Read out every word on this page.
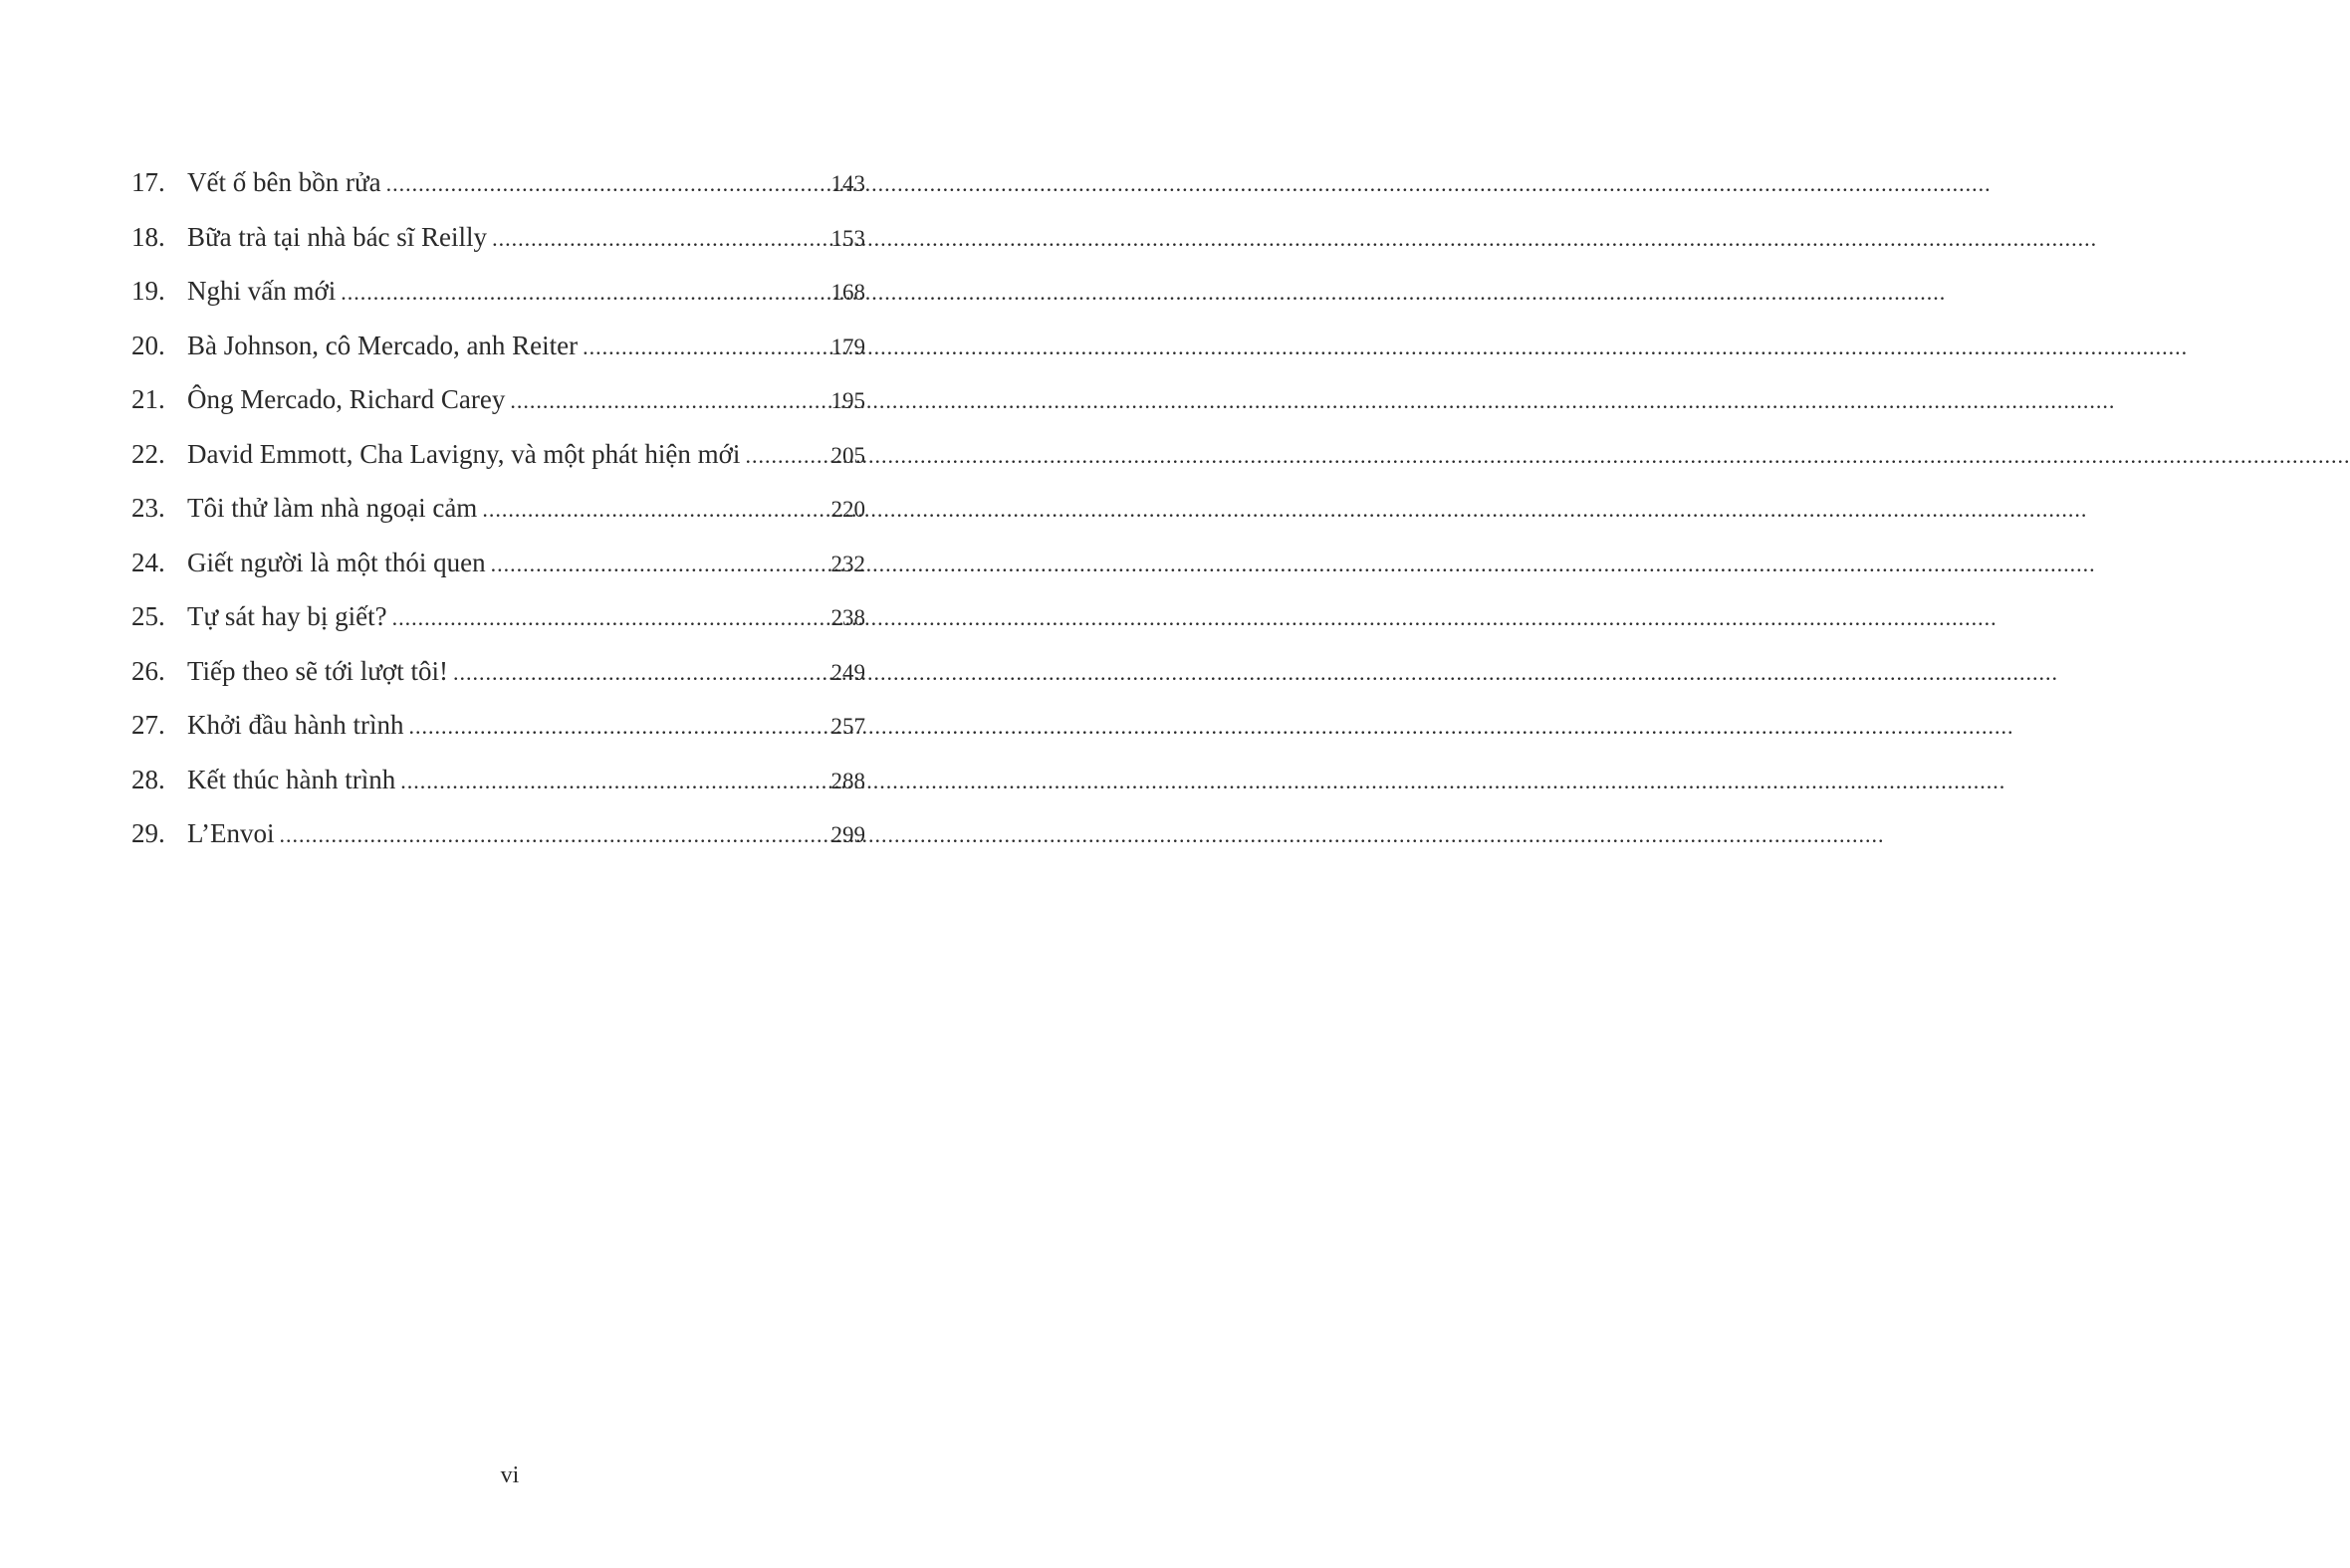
17. Vết ố bên bồn rửa .....	143
18. Bữa trà tại nhà bác sĩ Reilly .....	153
19. Nghi vấn mới .....	168
20. Bà Johnson, cô Mercado, anh Reiter .....	179
21. Ông Mercado, Richard Carey .....	195
22. David Emmott, Cha Lavigny, và một phát hiện mới .....	205
23. Tôi thử làm nhà ngoại cảm .....	220
24. Giết người là một thói quen .....	232
25. Tự sát hay bị giết? .....	238
26. Tiếp theo sẽ tới lượt tôi! .....	249
27. Khởi đầu hành trình .....	257
28. Kết thúc hành trình .....	288
29. L’Envoi .....	299
vi
